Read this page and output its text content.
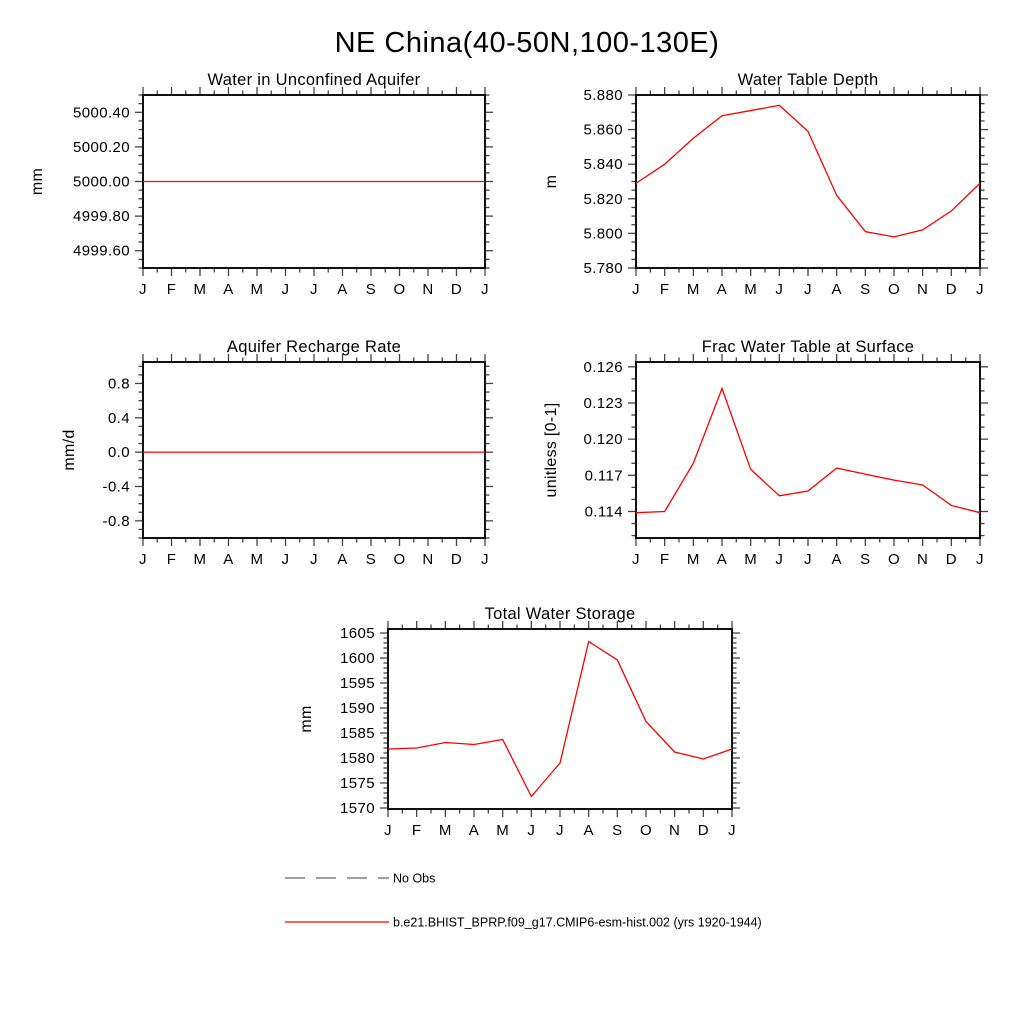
NE China(40-50N,100-130E)
4999.60
4999.80
5000.00
5000.20
5000.40
J F M A M J J A S O N D J
Water in Unconfined Aquifer
mm
5.780
5.800
5.820
5.840
5.860
5.880
J F M A M J J A S O N D J
Water Table Depth
m
-0.8
-0.4
0.0
0.4
0.8
J F M A M J J A S O N D J
Aquifer Recharge Rate
mm/d
0.114
0.117
0.120
0.123
0.126
J F M A M J J A S O N D J
Frac Water Table at Surface
unitless [0-1]
1570
1575
1580
1585
1590
1595
1600
1605
J F M A M J J A S O N D J
Total Water Storage
mm
No Obs
b.e21.BHIST_BPRP.f09_g17.CMIP6-esm-hist.002 (yrs 1920-1944)
